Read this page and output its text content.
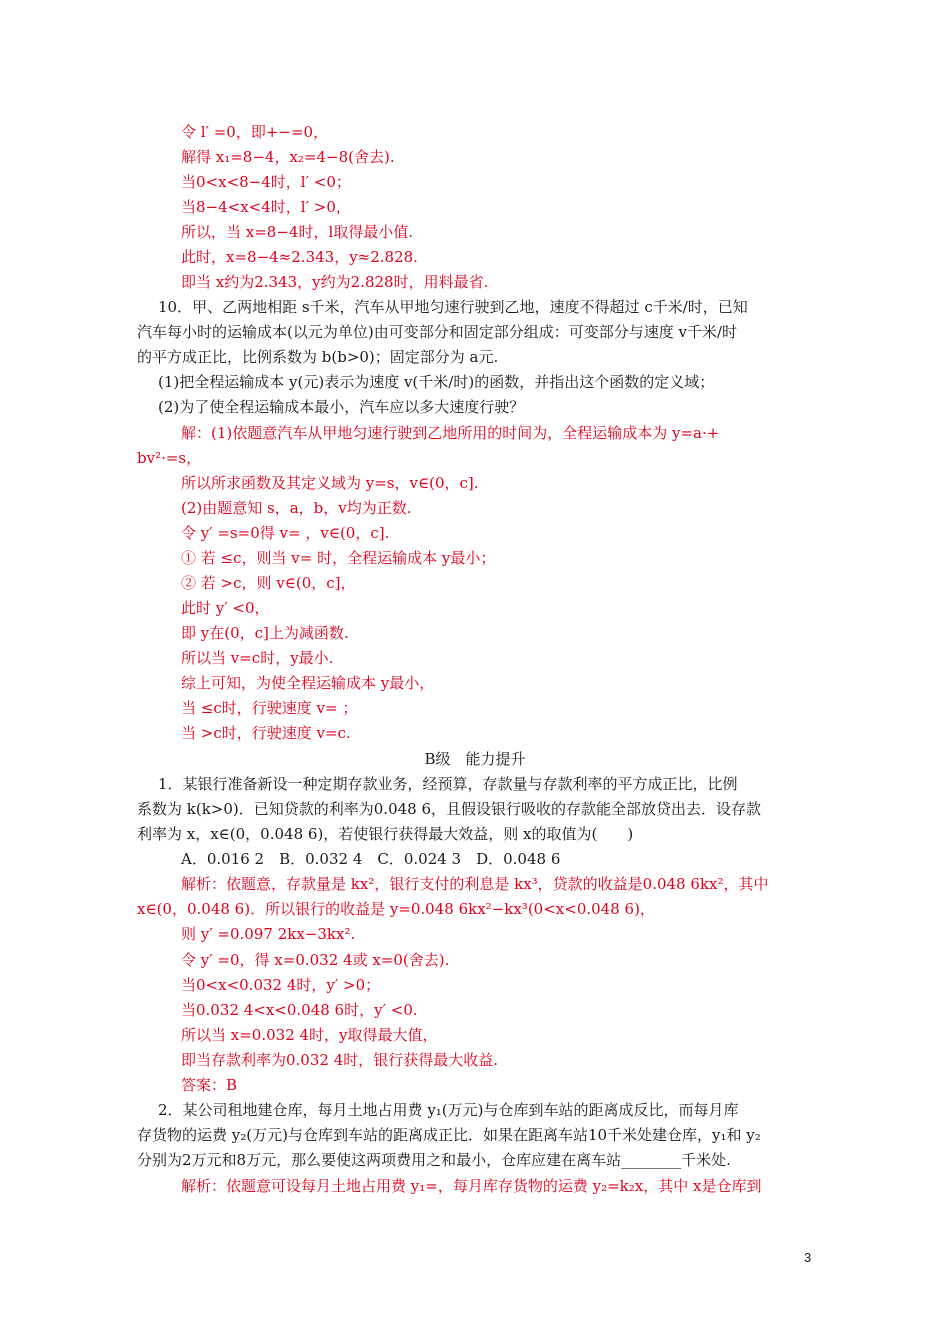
令 l′ =0，即+−=0，
解得 x₁=8−4，x₂=4−8(舍去).
当0<x<8−4时，l′ <0；
当8−4<x<4时，l′ >0，
所以，当 x=8−4时，l取得最小值.
此时，x=8−4≈2.343，y≈2.828.
即当 x约为2.343，y约为2.828时，用料最省.
10．甲、乙两地相距 s千米，汽车从甲地匀速行驶到乙地，速度不得超过 c千米/时，已知
汽车每小时的运输成本(以元为单位)由可变部分和固定部分组成：可变部分与速度 v千米/时
的平方成正比，比例系数为 b(b>0)；固定部分为 a元.
(1)把全程运输成本 y(元)表示为速度 v(千米/时)的函数，并指出这个函数的定义域；
(2)为了使全程运输成本最小，汽车应以多大速度行驶？
解：(1)依题意汽车从甲地匀速行驶到乙地所用的时间为，全程运输成本为 y=a·+
bv²·=s，
所以所求函数及其定义域为 y=s，v∈(0，c].
(2)由题意知 s，a，b，v均为正数.
令 y′ =s=0得 v= ，v∈(0，c].
① 若 ≤c，则当 v= 时，全程运输成本 y最小；
② 若 >c，则 v∈(0，c]，
此时 y′ <0，
即 y在(0，c]上为减函数.
所以当 v=c时，y最小.
综上可知，为使全程运输成本 y最小，
当 ≤c时，行驶速度 v= ；
当 >c时，行驶速度 v=c.
B级　能力提升
1．某银行准备新设一种定期存款业务，经预算，存款量与存款利率的平方成正比，比例
系数为 k(k>0)．已知贷款的利率为0.048 6，且假设银行吸收的存款能全部放贷出去．设存款
利率为 x，x∈(0，0.048 6)，若使银行获得最大效益，则 x的取值为(　　)
A．0.016 2　B．0.032 4　C．0.024 3　D．0.048 6
解析：依题意，存款量是 kx²，银行支付的利息是 kx³，贷款的收益是0.048 6kx²，其中
x∈(0，0.048 6)．所以银行的收益是 y=0.048 6kx²−kx³(0<x<0.048 6)，
则 y′ =0.097 2kx−3kx².
令 y′ =0，得 x=0.032 4或 x=0(舍去).
当0<x<0.032 4时，y′ >0；
当0.032 4<x<0.048 6时，y′ <0.
所以当 x=0.032 4时，y取得最大值，
即当存款利率为0.032 4时，银行获得最大收益.
答案：B
2．某公司租地建仓库，每月土地占用费 y₁(万元)与仓库到车站的距离成反比，而每月库
存货物的运费 y₂(万元)与仓库到车站的距离成正比．如果在距离车站10千米处建仓库，y₁和 y₂
分别为2万元和8万元，那么要使这两项费用之和最小，仓库应建在离车站________千米处.
解析：依题意可设每月土地占用费 y₁=，每月库存货物的运费 y₂=k₂x，其中 x是仓库到
3
